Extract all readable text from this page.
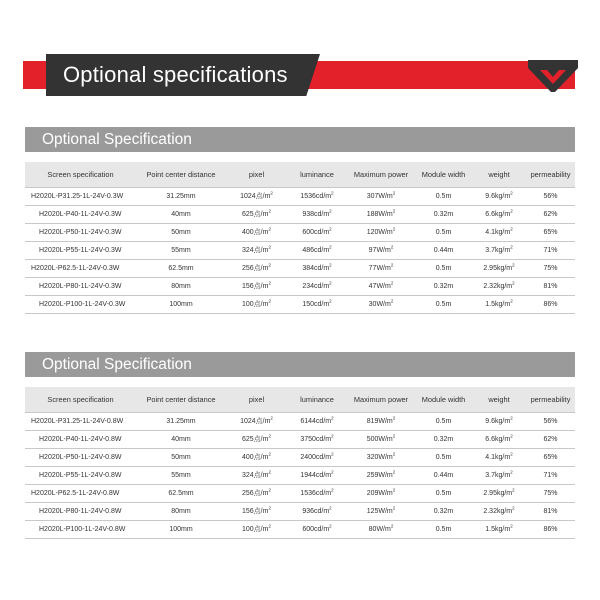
Optional specifications
Optional Specification
Screen specification	Point center distance	pixel	luminance	Maximum power	Module width	weight	permeability
H2020L-P31.25-1L-24V-0.3W	31.25mm	1024点$/m^2$	$1536cd/m^2$	$307W/m^2$	0.5m	$9.6kg/m^2$	56%
H2020L-P40-1L-24V-0.3W	40mm	625点$/m^2$	$938cd/m^2$	$188W/m^2$	0.32m	$6.6kg/m^2$	62%
H2020L-P50-1L-24V-0.3W	50mm	400点$/m^2$	$600cd/m^2$	$120W/m^2$	0.5m	$4.1kg/m^2$	65%
H2020L-P55-1L-24V-0.3W	55mm	324点$/m^2$	$486cd/m^2$	$97W/m^2$	0.44m	$3.7kg/m^2$	71%
H2020L-P62.5-1L-24V-0.3W	62.5mm	256点$/m^2$	$384cd/m^2$	$77W/m^2$	0.5m	$2.95kg/m^2$	75%
H2020L-P80-1L-24V-0.3W	80mm	156点$/m^2$	$234cd/m^2$	$47W/m^2$	0.32m	$2.32kg/m^2$	81%
H2020L-P100-1L-24V-0.3W	100mm	100点$/m^2$	$150cd/m^2$	$30W/m^2$	0.5m	$1.5kg/m^2$	86%
Optional Specification
Screen specification	Point center distance	pixel	luminance	Maximum power	Module width	weight	permeability
H2020L-P31.25-1L-24V-0.8W	31.25mm	1024点$/m^2$	$6144cd/m^2$	$819W/m^2$	0.5m	$9.6kg/m^2$	56%
H2020L-P40-1L-24V-0.8W	40mm	625点$/m^2$	$3750cd/m^2$	$500W/m^2$	0.32m	$6.6kg/m^2$	62%
H2020L-P50-1L-24V-0.8W	50mm	400点$/m^2$	$2400cd/m^2$	$320W/m^2$	0.5m	$4.1kg/m^2$	65%
H2020L-P55-1L-24V-0.8W	55mm	324点$/m^2$	$1944cd/m^2$	$259W/m^2$	0.44m	$3.7kg/m^2$	71%
H2020L-P62.5-1L-24V-0.8W	62.5mm	256点$/m^2$	$1536cd/m^2$	$209W/m^2$	0.5m	$2.95kg/m^2$	75%
H2020L-P80-1L-24V-0.8W	80mm	156点$/m^2$	$936cd/m^2$	$125W/m^2$	0.32m	$2.32kg/m^2$	81%
H2020L-P100-1L-24V-0.8W	100mm	100点$/m^2$	$600cd/m^2$	$80W/m^2$	0.5m	$1.5kg/m^2$	86%
